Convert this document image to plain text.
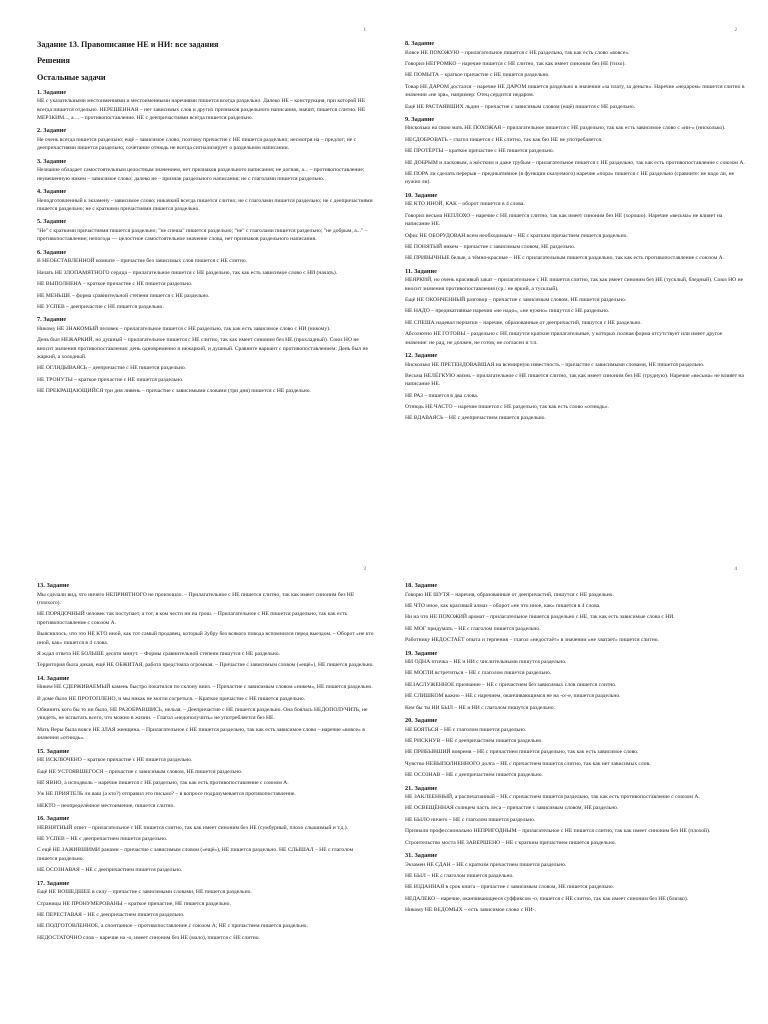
1
Задание 13. Правописание НЕ и НИ: все задания
Решения
Остальные задачи
1. Задание

НЕ с указательными местоимениями и местоименными наречиями пишется всегда раздельно. Далеко НЕ – конструкция, при которой НЕ всегда пишется отдельно. НЕРЕШЕННАЯ – нет зависимых слов и других признаков раздельного написания, значит, пишется слитно. НЕ МЕРЗКИМ..., а ... – противопоставление. НЕ с деепричастиями всегда пишется раздельно.

2. Задание

Не очень всегда пишется раздельно; ещё – зависимое слово, поэтому причастие с НЕ пишется раздельно; несмотря на – предлог; не с деепричастиями пишется раздельно; сочетание отнюдь не всегда сигнализирует о раздельном написании.

3. Задание

Незнание обладает самостоятельным целостным значением, нет признаков раздельного написания; не догнав, а... – противопоставление; неувешенную никем – зависимое слово; далеко не – признак раздельного написания; не с глаголами пишется раздельно.

4. Задание

Неподготовленный к экзамену - зависимое слово; никачкий всегда пишется слитно; не с глаголами пишется раздельно; не с деепричастиями пишется раздельно; не с краткими причастиями пишется раздельно.

5. Задание

"Не" с краткими причастиями пишется раздельно; "не спеша" пишется раздельно; "не" с глаголами пишется раздельно; "не добрым, а..." – противопоставление; непогода — целостное самостоятельное значение слова, нет признаков раздельного написания.

6. Задание

В НЕОБСТАВЛЕННОЙ комнате – причастие без зависимых слов пишется с НЕ слитно.

Начать НЕ ЗЛОПАМЯТНОГО сердца – прилагательное пишется с НЕ раздельно, так как есть зависимое слово с НИ (начать).

НЕ ВЫПОЛНЕНА – краткое причастие с НЕ пишется раздельно.

НЕ МЕНЬШЕ – форма сравнительной степени пишется с НЕ раздельно.

НЕ УСПЕВ – деепричастие с НЕ пишется раздельно.

7. Задание

Никому НЕ ЗНАКОМЫЙ человек – прилагательное пишется с НЕ раздельно, так как есть зависимое слово с НИ (никому).

День был НЕЖАРКИЙ, но душный – прилагательное пишется с НЕ слитно, так как имеет синоним без НЕ (прохладный). Союз НО не вносит значения противопоставления: день одновременно и нежаркий, и душный. Сравните вариант с противопоставлением: День был не жаркий, а холодный.

НЕ ОГЛЯДЫВАЯСЬ – деепричастие с НЕ пишется раздельно.

НЕ ТРОНУТЫ – краткое причастие с НЕ пишется раздельно.

НЕ ПРЕКРАЩАЮЩИЙСЯ три дня ливень – причастие с зависимыми словами (три дня) пишется с НЕ раздельно.

2
8. Задание

Вовсе НЕ ПОХОЖУЮ – прилагательное пишется с НЕ раздельно, так как есть слово «вовсе».

Говорил НЕГРОМКО – наречие пишется с НЕ слитно, так как имеет синоним без НЕ (тихо).

НЕ ПОМЫТА – краткое причастие с НЕ пишется раздельно.

Товар НЕ ДАРОМ достался – наречие НЕ ДАРОМ пишется раздельно в значении «за плату, за деньги». Наречие «недаром» пишется слитно в значении «не зря», например: Отец сердится недаром.

Ещё НЕ РАСТАЯВШИХ льдин – причастие с зависимым словом (ещё) пишется с НЕ раздельно.

9. Задание

Нисколько на свою мать НЕ ПОХОЖАЯ – прилагательное пишется с НЕ раздельно, так как есть зависимое слово с «ни-» (нисколько).

НЕСДОБРОВАТЬ – глагол пишется с НЕ слитно, так как без НЕ не употребляется.

НЕ ПРОТЁРТЫ – краткое причастие с НЕ пишется раздельно.

НЕ ДОБРЫМ и ласковым, а жёстким и даже грубым – прилагательное пишется с НЕ раздельно, так как есть противопоставление с союзом А.

НЕ ПОРА ли сделать перерыв – предикативное (в функции сказуемого) наречие «пора» пишется с НЕ раздельно (сравните: не надо ли, не нужно ли).

10. Задание

НЕ КТО ИНОЙ, КАК – оборот пишется в 4 слова.

Говорил весьма НЕПЛОХО – наречие с НЕ пишется слитно, так как имеет синоним без НЕ (хорошо). Наречие «весьма» не влияет на написание НЕ.

Офис НЕ ОБОРУДОВАН всем необходимым – НЕ с кратким причастием пишется раздельно.

НЕ ПОНЯТЫЙ никем – причастие с зависимым словом, НЕ раздельно.

НЕ ПРИВЫЧНЫЕ белые, а тёмно-красные – НЕ с прилагательным пишется раздельно, так как есть противопоставление с союзом А.

11. Задание

НЕЯРКИЙ, но очень красивый закат – прилагательное с НЕ пишется слитно, так как имеет синоним без НЕ (тусклый, бледный). Союз НО не вносит значения противопоставления (ср.: не яркий, а тусклый).

Ещё НЕ ОКОНЧЕННЫЙ разговор – причастие с зависимым словом, НЕ пишется раздельно.

НЕ НАДО – предикативные наречия «не надо», «не нужно» пишутся с НЕ раздельно.

НЕ СПЕША надевал перчатки – наречие, образованные от деепричастий, пишутся с НЕ раздельно.

Абсолютно НЕ ГОТОВЫ – раздельно с НЕ пишутся краткие прилагательные, у которых полная форма отсутствует или имеет другое значение: не рад, не должен, не готов, не согласен и т.п.

12. Задание

Нисколько НЕ ПРЕТЕНДОВАВШАЯ на всемирную известность – причастие с зависимыми словами, НЕ пишется раздельно.

Весьма НЕЛЁГКУЮ жизнь – прилагательное с НЕ пишется слитно, так как имеет синоним без НЕ (трудную). Наречие «весьма» не влияет на написание НЕ.

НЕ РАЗ – пишется в два слова.

Отнюдь НЕ ЧАСТО – наречие пишется с НЕ раздельно, так как есть слово «отнюдь».

НЕ ВДАВАЯСЬ – НЕ с деепричастием пишется раздельно.

3
13. Задание

Мы сделали вид, что ничего НЕПРИЯТНОГО не произошло. – Прилагательное с НЕ пишется слитно, так как имеет синоним без НЕ (плохого).

НЕ ПОРЯДОЧНЫЙ человек так поступает, а тот, в ком чести ни на грош. – Прилагательное с НЕ пишется раздельно, так как есть противопоставление с союзом А.

Выяснилось, что это НЕ КТО иной, как тот самый продавец, который Зубру без всякого повода вспомнился перед выездом. – Оборот «не кто иной, как» пишется в 4 слова.

Я ждал ответа НЕ БОЛЬШЕ десяти минут. – Формы сравнительной степени пишутся с НЕ раздельно.

Территория была дикая, ещё НЕ ОБЖИТАЯ, работа предстояла огромная. – Причастие с зависимым словом («ещё»), НЕ пишется раздельно.

14. Задание

Никем НЕ СДЕРЖИВАЕМЫЙ камень быстро покатился по склону вниз. – Причастие с зависимым словом «никем», НЕ пишется раздельно.

В доме было НЕ ПРОТОПЛЕНО, и мы никак не могли согреться. – Краткое причастие с НЕ пишется раздельно.

Обвинять кого бы то ни было, НЕ РАЗОБРАВШИСЬ, нельзя. – Деепричастие с НЕ пишется раздельно. Она боялась НЕДОПОЛУЧИТЬ, не увидеть, не испытать всего, что можно в жизни. – Глагол «недополучить» не употребляется без НЕ.

Мать Веры была вовсе НЕ ЗЛАЯ женщина. – Прилагательное с НЕ пишется раздельно, так как есть зависимое слово – наречие «вовсе» в значении «отнюдь».

15. Задание

НЕ ИСКЛЮЧЕНО – краткое причастие с НЕ пишется раздельно.

Ещё НЕ УСТОЯВШЕГОСЯ – причастие с зависимым словом, НЕ пишется раздельно.

НЕ ЯВНО, а исподволь – наречие пишется с НЕ раздельно, так как есть противопоставление с союзом А.

Уж НЕ ПРИЯТЕЛЬ ли ваш (а кто?) отправил это письмо? – в вопросе подразумевается противопоставление.

НЕКТО – неопределённое местоимение, пишется слитно.

16. Задание

НЕВНЯТНЫЙ ответ – прилагательное с НЕ пишется слитно, так как имеет синоним без НЕ (сумбурный, плохо слышимый и т.д.).

НЕ УСПЕВ – НЕ с деепричастием пишется раздельно.

С ещё НЕ ЗАЖИВШИМИ ранами – причастие с зависимым словом («ещё»), НЕ пишется раздельно. НЕ СЛЫШАЛ – НЕ с глаголом пишется раздельно.

НЕ ОСОЗНАВАЯ – НЕ с деепричастием пишется раздельно.

17. Задание

Ещё НЕ ВОШЕДШЕЕ в силу – причастие с зависимыми словами, НЕ пишется раздельно.

Страницы НЕ ПРОНУМЕРОВАНЫ – краткое причастие, НЕ пишется раздельно.

НЕ ПЕРЕСТАВАЯ – НЕ с деепричастием пишется раздельно.

НЕ ПОДГОТОВЛЕННОЕ, а спонтанное – противопоставление с союзом А; НЕ с причастием пишется раздельно.

НЕДОСТАТОЧНО слов – наречие на -о, имеет синоним без НЕ (мало), пишется с НЕ слитно.

4
18. Задание

Говорю НЕ ШУТЯ – наречия, образованные от деепричастий, пишутся с НЕ раздельно.

НЕ ЧТО иное, как красивый алмаз – оборот «не что иное, как» пишется в 4 слова.

Ни на что НЕ ПОХОЖИЙ аромат – прилагательное пишется раздельно с НЕ, так как есть зависимые слова с НИ.

НЕ МОГ придумать – НЕ с глаголом пишется раздельно.

Работнику НЕДОСТАЁТ опыта и терпения – глагол «недостаёт» в значении «не хватает» пишется слитно.

19. Задание

НИ ОДНА птичка – НЕ и НИ с числительными пишутся раздельно.

НЕ МОГЛИ встретиться – НЕ с глаголом пишется раздельно.

НЕЗАСЛУЖЕННОЕ признание – НЕ с причастием без зависимых слов пишется слитно.

НЕ СЛИШКОМ важно – НЕ с наречием, оканчивающимся не на -о/-е, пишется раздельно.

Кем бы ты НИ БЫЛ – НЕ и НИ с глаголом пишутся раздельно.

20. Задание

НЕ БОЯТЬСЯ – НЕ с глаголом пишется раздельно.

НЕ РИСКНУВ – НЕ с деепричастием пишется раздельно.

НЕ ПРИБЫВШИЙ вовремя – НЕ с причастием пишется раздельно, так как есть зависимое слово.

Чувство НЕВЫПОЛНЕННОГО долга – НЕ с причастием пишется слитно, так как нет зависимых слов.

НЕ ОСОЗНАВ – НЕ с деепричастием пишется раздельно.

21. Задание

НЕ ЗАКЛЕЕННЫЙ, а распечатанный – НЕ с причастием пишется раздельно, так как есть противопоставление с союзом А.

НЕ ОСВЕЩЁННАЯ солнцем часть леса – причастие с зависимым словом, НЕ раздельно.

НЕ БЫЛО ничего – НЕ с глаголом пишется раздельно.

Признали профессионально НЕПРИГОДНЫМ – прилагательное с НЕ пишется слитно, так как имеет синоним без НЕ (плохой).

Строительство моста НЕ ЗАВЕРШЕНО – НЕ с кратким причастием пишется раздельно.

31. Задание

Экзамен НЕ СДАН – НЕ с кратким причастием пишется раздельно.

НЕ БЫЛ – НЕ с глаголом пишется раздельно.

НЕ ИЗДАННАЯ в срок книга – причастие с зависимым словом, НЕ пишется раздельно.

НЕДАЛЕКО – наречие, оканчивающееся суффиксом -о, пишется с НЕ слитно, так как имеет синоним без НЕ (близко).

Никому НЕ ВЕДОМЫХ – есть зависимое слово с НИ-.
